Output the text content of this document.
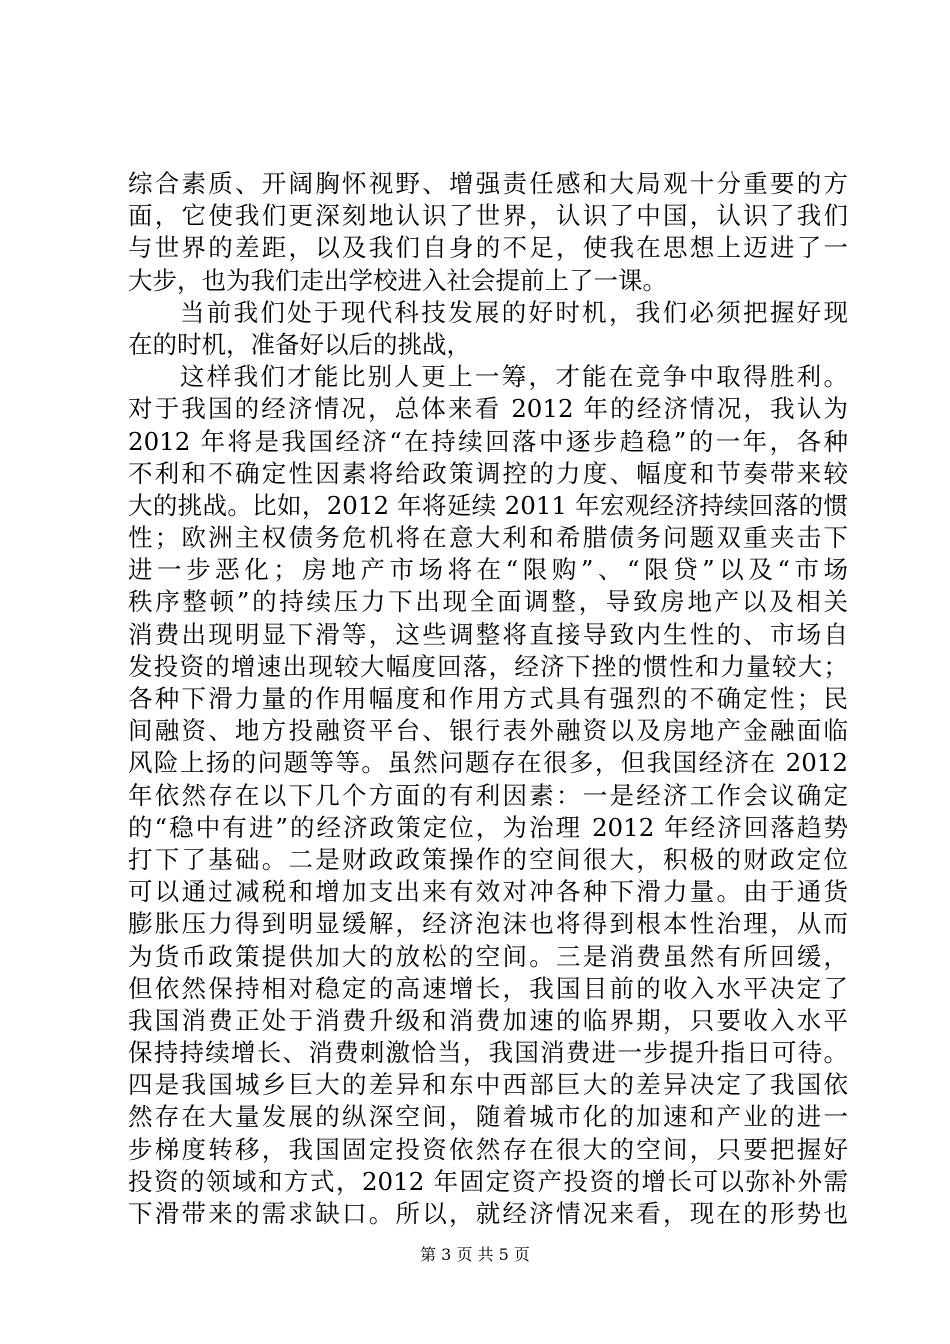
综合素质、开阔胸怀视野、增强责任感和大局观十分重要的方
面，它使我们更深刻地认识了世界，认识了中国，认识了我们
与世界的差距，以及我们自身的不足，使我在思想上迈进了一
大步，也为我们走出学校进入社会提前上了一课。
当前我们处于现代科技发展的好时机，我们必须把握好现
在的时机，准备好以后的挑战，
这样我们才能比别人更上一筹，才能在竞争中取得胜利。
对于我国的经济情况，总体来看 2012 年的经济情况，我认为
2012 年将是我国经济“在持续回落中逐步趋稳”的一年，各种
不利和不确定性因素将给政策调控的力度、幅度和节奏带来较
大的挑战。比如，2012 年将延续 2011 年宏观经济持续回落的惯
性；欧洲主权债务危机将在意大利和希腊债务问题双重夹击下
进一步恶化；房地产市场将在“限购”、“限贷”以及“市场
秩序整顿”的持续压力下出现全面调整，导致房地产以及相关
消费出现明显下滑等，这些调整将直接导致内生性的、市场自
发投资的增速出现较大幅度回落，经济下挫的惯性和力量较大；
各种下滑力量的作用幅度和作用方式具有强烈的不确定性；民
间融资、地方投融资平台、银行表外融资以及房地产金融面临
风险上扬的问题等等。虽然问题存在很多，但我国经济在 2012
年依然存在以下几个方面的有利因素：一是经济工作会议确定
的“稳中有进”的经济政策定位，为治理 2012 年经济回落趋势
打下了基础。二是财政政策操作的空间很大，积极的财政定位
可以通过减税和增加支出来有效对冲各种下滑力量。由于通货
膨胀压力得到明显缓解，经济泡沫也将得到根本性治理，从而
为货币政策提供加大的放松的空间。三是消费虽然有所回缓，
但依然保持相对稳定的高速增长，我国目前的收入水平决定了
我国消费正处于消费升级和消费加速的临界期，只要收入水平
保持持续增长、消费刺激恰当，我国消费进一步提升指日可待。
四是我国城乡巨大的差异和东中西部巨大的差异决定了我国依
然存在大量发展的纵深空间，随着城市化的加速和产业的进一
步梯度转移，我国固定投资依然存在很大的空间，只要把握好
投资的领域和方式，2012 年固定资产投资的增长可以弥补外需
下滑带来的需求缺口。所以，就经济情况来看，现在的形势也
第 3 页 共 5 页
